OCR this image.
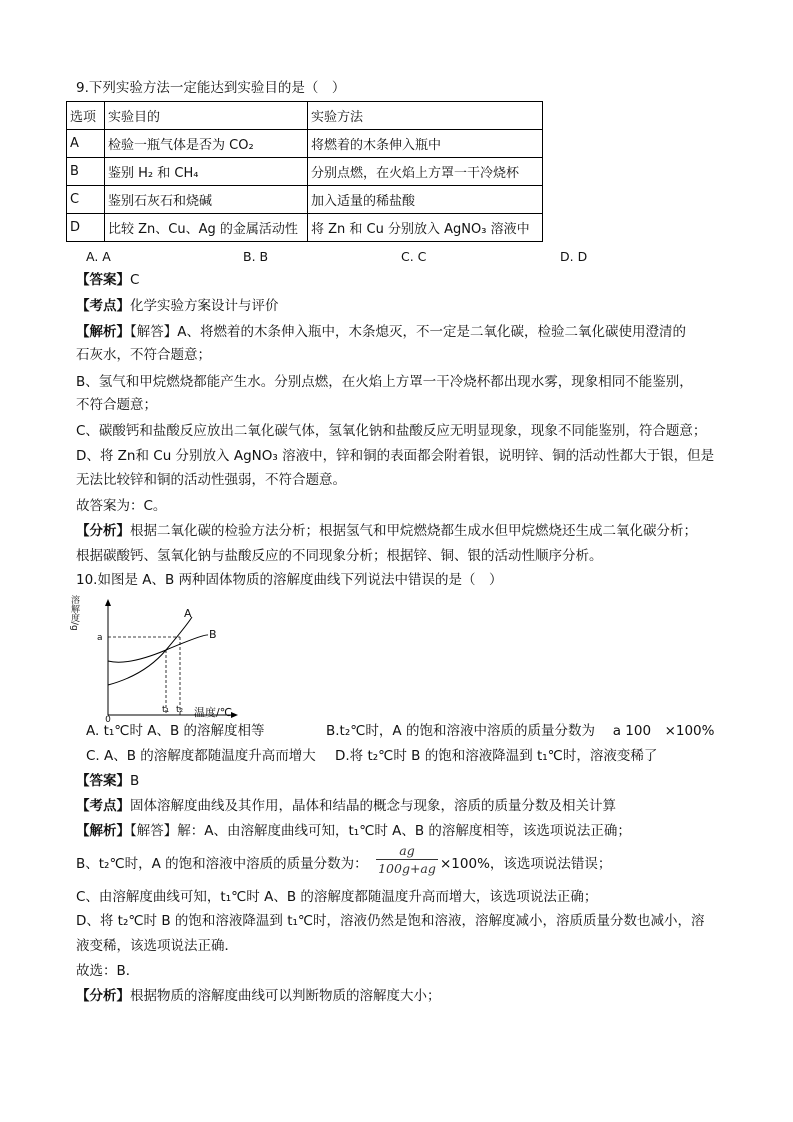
9.下列实验方法一定能达到实验目的是（　）
选项	实验目的	实验方法
A	检验一瓶气体是否为 CO₂	将燃着的木条伸入瓶中
B	鉴别 H₂ 和 CH₄	分别点燃，在火焰上方罩一干冷烧杯
C	鉴别石灰石和烧碱	加入适量的稀盐酸
D	比较 Zn、Cu、Ag 的金属活动性	将 Zn 和 Cu 分别放入 AgNO₃ 溶液中
A. A	B. B	C. C	D. D
【答案】C
【考点】化学实验方案设计与评价
【解析】【解答】A、将燃着的木条伸入瓶中，木条熄灭，不一定是二氧化碳，检验二氧化碳使用澄清的
石灰水，不符合题意；
B、氢气和甲烷燃烧都能产生水。分别点燃，在火焰上方罩一干冷烧杯都出现水雾，现象相同不能鉴别，
不符合题意；
C、碳酸钙和盐酸反应放出二氧化碳气体，氢氧化钠和盐酸反应无明显现象，现象不同能鉴别，符合题意；
D、将 Zn和 Cu 分别放入 AgNO₃ 溶液中，锌和铜的表面都会附着银，说明锌、铜的活动性都大于银，但是
无法比较锌和铜的活动性强弱，不符合题意。
故答案为：C。
【分析】根据二氧化碳的检验方法分析；根据氢气和甲烷燃烧都生成水但甲烷燃烧还生成二氧化碳分析；
根据碳酸钙、氢氧化钠与盐酸反应的不同现象分析；根据锌、铜、银的活动性顺序分析。
10.如图是 A、B 两种固体物质的溶解度曲线下列说法中错误的是（　）
溶解度/g
0
温度/℃
a
t₁ t₂
A
B
A. t₁℃时 A、B 的溶解度相等	B.t₂℃时，A 的饱和溶液中溶质的质量分数为　 a 100　×100%
C. A、B 的溶解度都随温度升高而增大 D.将 t₂℃时 B 的饱和溶液降温到 t₁℃时，溶液变稀了
【答案】B
【考点】固体溶解度曲线及其作用，晶体和结晶的概念与现象，溶质的质量分数及相关计算
【解析】【解答】解：A、由溶解度曲线可知，t₁℃时 A、B 的溶解度相等，该选项说法正确；
B、t₂℃时，A 的饱和溶液中溶质的质量分数为：
ag
100g+ag ×100%，该选项说法错误；
C、由溶解度曲线可知，t₁℃时 A、B 的溶解度都随温度升高而增大，该选项说法正确；
D、将 t₂℃时 B 的饱和溶液降温到 t₁℃时，溶液仍然是饱和溶液，溶解度减小，溶质质量分数也减小，溶
液变稀，该选项说法正确．
故选：B．
【分析】根据物质的溶解度曲线可以判断物质的溶解度大小；
